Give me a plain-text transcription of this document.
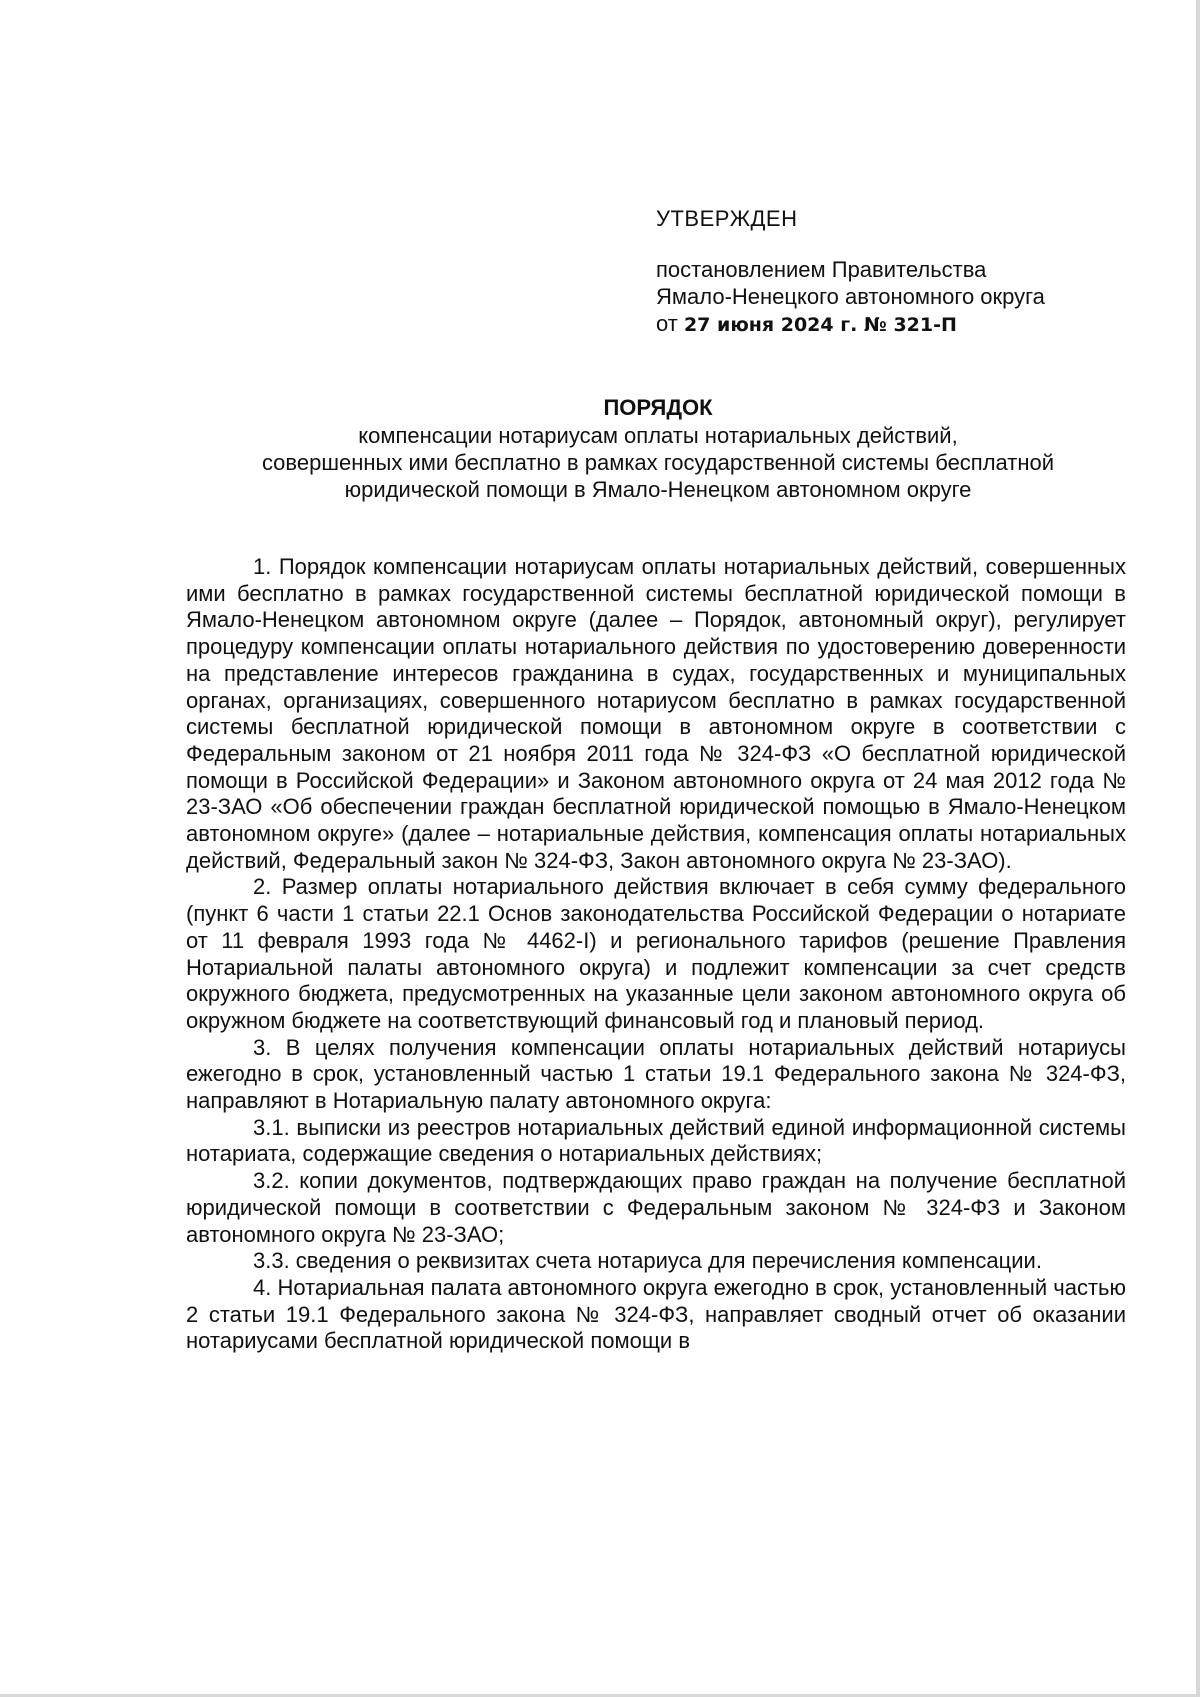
УТВЕРЖДЕН

постановлением Правительства

Ямало-Ненецкого автономного округа

от 27 июня 2024 г. № 321-П

ПОРЯДОК

компенсации нотариусам оплаты нотариальных действий,

совершенных ими бесплатно в рамках государственной системы бесплатной

юридической помощи в Ямало-Ненецком автономном округе

1. Порядок компенсации нотариусам оплаты нотариальных действий, совершенных ими бесплатно в рамках государственной системы бесплатной юридической помощи в Ямало-Ненецком автономном округе (далее – Порядок, автономный округ), регулирует процедуру компенсации оплаты нотариального действия по удостоверению доверенности на представление интересов гражданина в судах, государственных и муниципальных органах, организациях, совершенного нотариусом бесплатно в рамках государственной системы бесплатной юридической помощи в автономном округе в соответствии с Федеральным законом от 21 ноября 2011 года № 324-ФЗ «О бесплатной юридической помощи в Российской Федерации» и Законом автономного округа от 24 мая 2012 года № 23-ЗАО «Об обеспечении граждан бесплатной юридической помощью в Ямало-Ненецком автономном округе» (далее – нотариальные действия, компенсация оплаты нотариальных действий, Федеральный закон № 324-ФЗ, Закон автономного округа № 23-ЗАО).

2. Размер оплаты нотариального действия включает в себя сумму федерального (пункт 6 части 1 статьи 22.1 Основ законодательства Российской Федерации о нотариате от 11 февраля 1993 года № 4462-I) и регионального тарифов (решение Правления Нотариальной палаты автономного округа) и подлежит компенсации за счет средств окружного бюджета, предусмотренных на указанные цели законом автономного округа об окружном бюджете на соответствующий финансовый год и плановый период.

3. В целях получения компенсации оплаты нотариальных действий нотариусы ежегодно в срок, установленный частью 1 статьи 19.1 Федерального закона № 324-ФЗ, направляют в Нотариальную палату автономного округа:

3.1. выписки из реестров нотариальных действий единой информационной системы нотариата, содержащие сведения о нотариальных действиях;

3.2. копии документов, подтверждающих право граждан на получение бесплатной юридической помощи в соответствии с Федеральным законом № 324-ФЗ и Законом автономного округа № 23-ЗАО;

3.3. сведения о реквизитах счета нотариуса для перечисления компенсации.

4. Нотариальная палата автономного округа ежегодно в срок, установленный частью 2 статьи 19.1 Федерального закона № 324-ФЗ, направляет сводный отчет об оказании нотариусами бесплатной юридической помощи в
